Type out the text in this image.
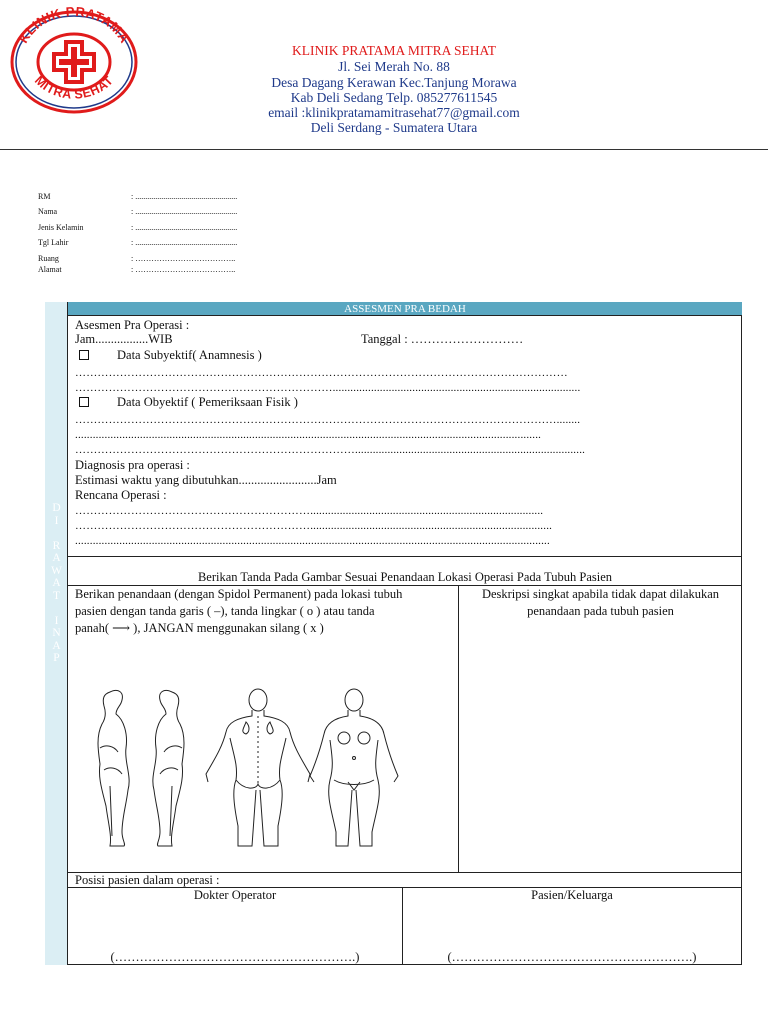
KLINIK PRATAMA
MITRA SEHAT
KLINIK PRATAMA MITRA SEHAT
Jl. Sei Merah No. 88
Desa Dagang Kerawan Kec.Tanjung Morawa
Kab Deli Sedang Telp. 085277611545
email :klinikpratamamitrasehat77@gmail.com
Deli Serdang - Sumatera Utara
RM	: ...................................................
Nama	: ...................................................
Jenis Kelamin	: ...................................................
Tgl Lahir	: ...................................................
Ruang	: ………………………………..
Alamat	: ………………………………..
D
I

R
A
W
A
T

I
N
A
P
ASSESMEN PRA BEDAH
Asesmen Pra Operasi :
Jam.................WIB	Tanggal : ………………………
Data Subyektif( Anamnesis )
……………………………………………………………………………………………………………………
……………………………………………………………....................................................................................
Data Obyektif ( Pemeriksaan Fisik )
…………………………………………………………………………………………………………………........
..............................................................................................................................................................
…………………………………………………………………..............................................................................
Diagnosis pra operasi :
Estimasi waktu yang dibutuhkan.........................Jam
Rencana Operasi :
………………………………………………………...............................................................................
………………………………………………………..................................................................................
.................................................................................................................................................................
Berikan Tanda Pada Gambar Sesuai Penandaan Lokasi Operasi Pada Tubuh Pasien
Berikan penandaan (dengan Spidol Permanent) pada lokasi tubuh
pasien dengan tanda garis ( –), tanda lingkar ( o ) atau tanda
panah( ⟶ ), JANGAN menggunakan silang ( x )
Deskripsi singkat apabila tidak dapat dilakukan
penandaan pada tubuh pasien
Posisi pasien dalam operasi :
Dokter Operator	Pasien/Keluarga
(………………………………………………….)	(………………………………………………….)
